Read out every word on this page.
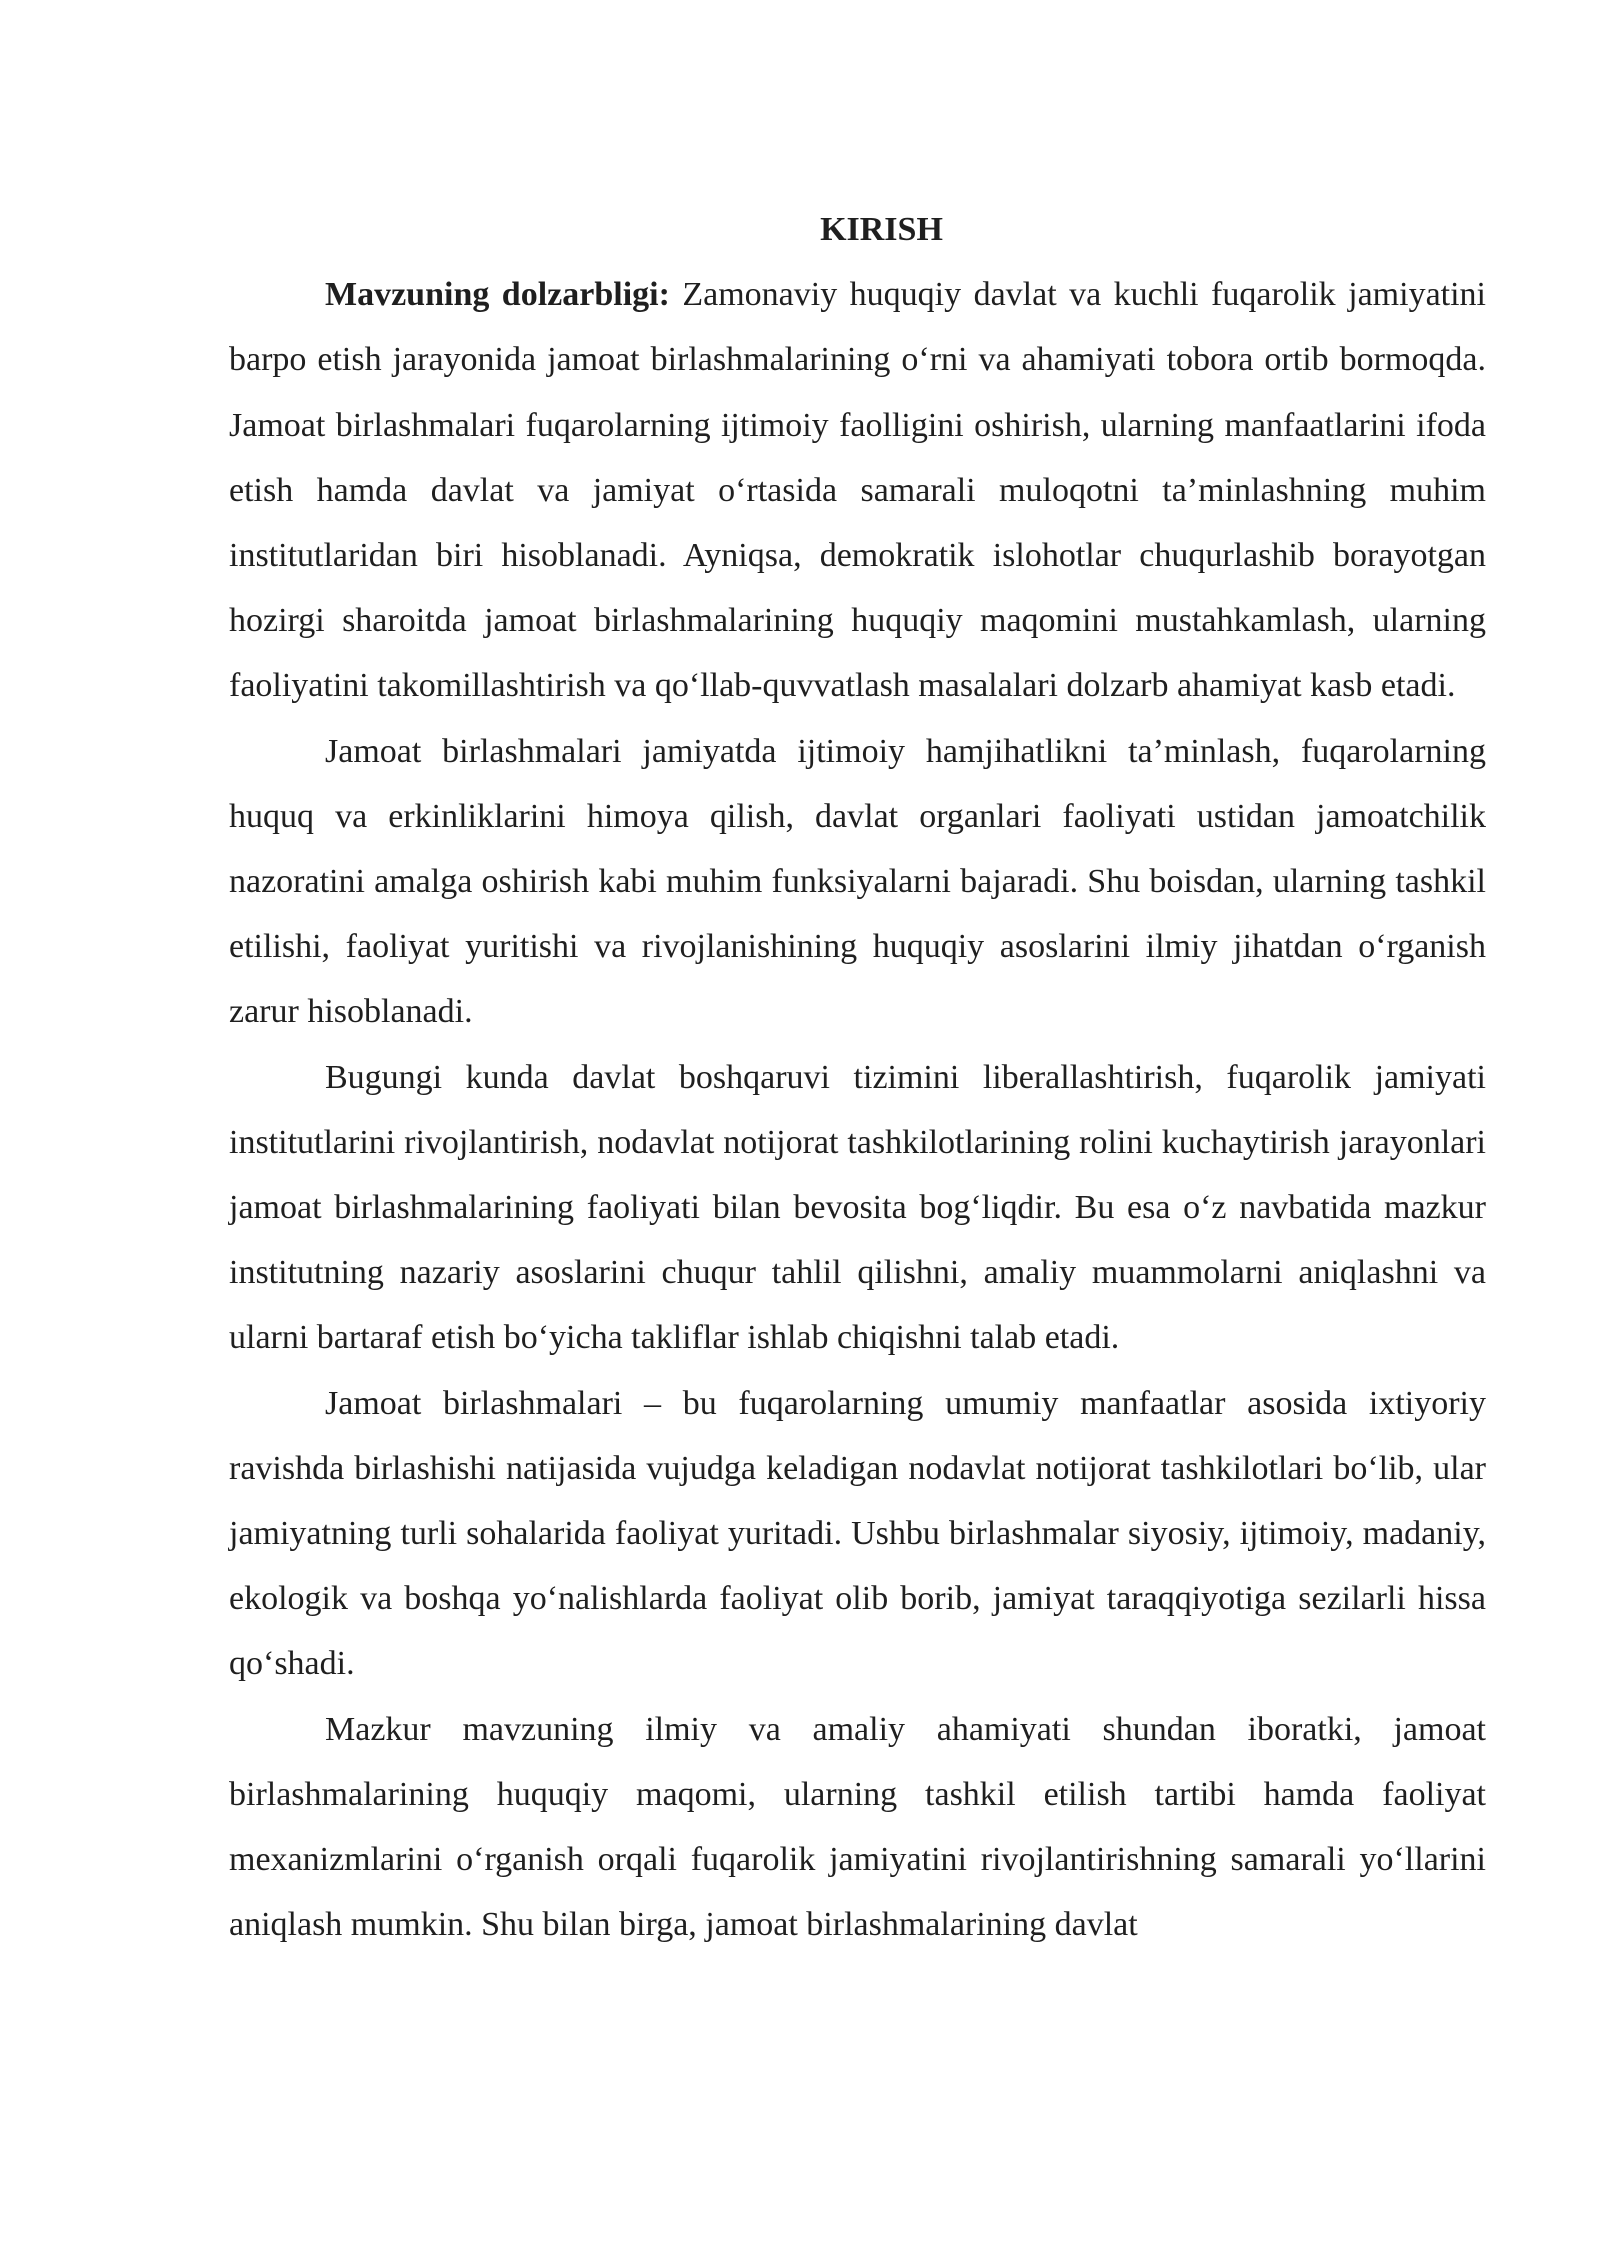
KIRISH

Mavzuning dolzarbligi: Zamonaviy huquqiy davlat va kuchli fuqarolik jamiyatini barpo etish jarayonida jamoat birlashmalarining o‘rni va ahamiyati tobora ortib bormoqda. Jamoat birlashmalari fuqarolarning ijtimoiy faolligini oshirish, ularning manfaatlarini ifoda etish hamda davlat va jamiyat o‘rtasida samarali muloqotni ta’minlashning muhim institutlaridan biri hisoblanadi. Ayniqsa, demokratik islohotlar chuqurlashib borayotgan hozirgi sharoitda jamoat birlashmalarining huquqiy maqomini mustahkamlash, ularning faoliyatini takomillashtirish va qo‘llab-quvvatlash masalalari dolzarb ahamiyat kasb etadi.

Jamoat birlashmalari jamiyatda ijtimoiy hamjihatlikni ta’minlash, fuqarolarning huquq va erkinliklarini himoya qilish, davlat organlari faoliyati ustidan jamoatchilik nazoratini amalga oshirish kabi muhim funksiyalarni bajaradi. Shu boisdan, ularning tashkil etilishi, faoliyat yuritishi va rivojlanishining huquqiy asoslarini ilmiy jihatdan o‘rganish zarur hisoblanadi.

Bugungi kunda davlat boshqaruvi tizimini liberallashtirish, fuqarolik jamiyati institutlarini rivojlantirish, nodavlat notijorat tashkilotlarining rolini kuchaytirish jarayonlari jamoat birlashmalarining faoliyati bilan bevosita bog‘liqdir. Bu esa o‘z navbatida mazkur institutning nazariy asoslarini chuqur tahlil qilishni, amaliy muammolarni aniqlashni va ularni bartaraf etish bo‘yicha takliflar ishlab chiqishni talab etadi.

Jamoat birlashmalari – bu fuqarolarning umumiy manfaatlar asosida ixtiyoriy ravishda birlashishi natijasida vujudga keladigan nodavlat notijorat tashkilotlari bo‘lib, ular jamiyatning turli sohalarida faoliyat yuritadi. Ushbu birlashmalar siyosiy, ijtimoiy, madaniy, ekologik va boshqa yo‘nalishlarda faoliyat olib borib, jamiyat taraqqiyotiga sezilarli hissa qo‘shadi.

Mazkur mavzuning ilmiy va amaliy ahamiyati shundan iboratki, jamoat birlashmalarining huquqiy maqomi, ularning tashkil etilish tartibi hamda faoliyat mexanizmlarini o‘rganish orqali fuqarolik jamiyatini rivojlantirishning samarali yo‘llarini aniqlash mumkin. Shu bilan birga, jamoat birlashmalarining davlat
